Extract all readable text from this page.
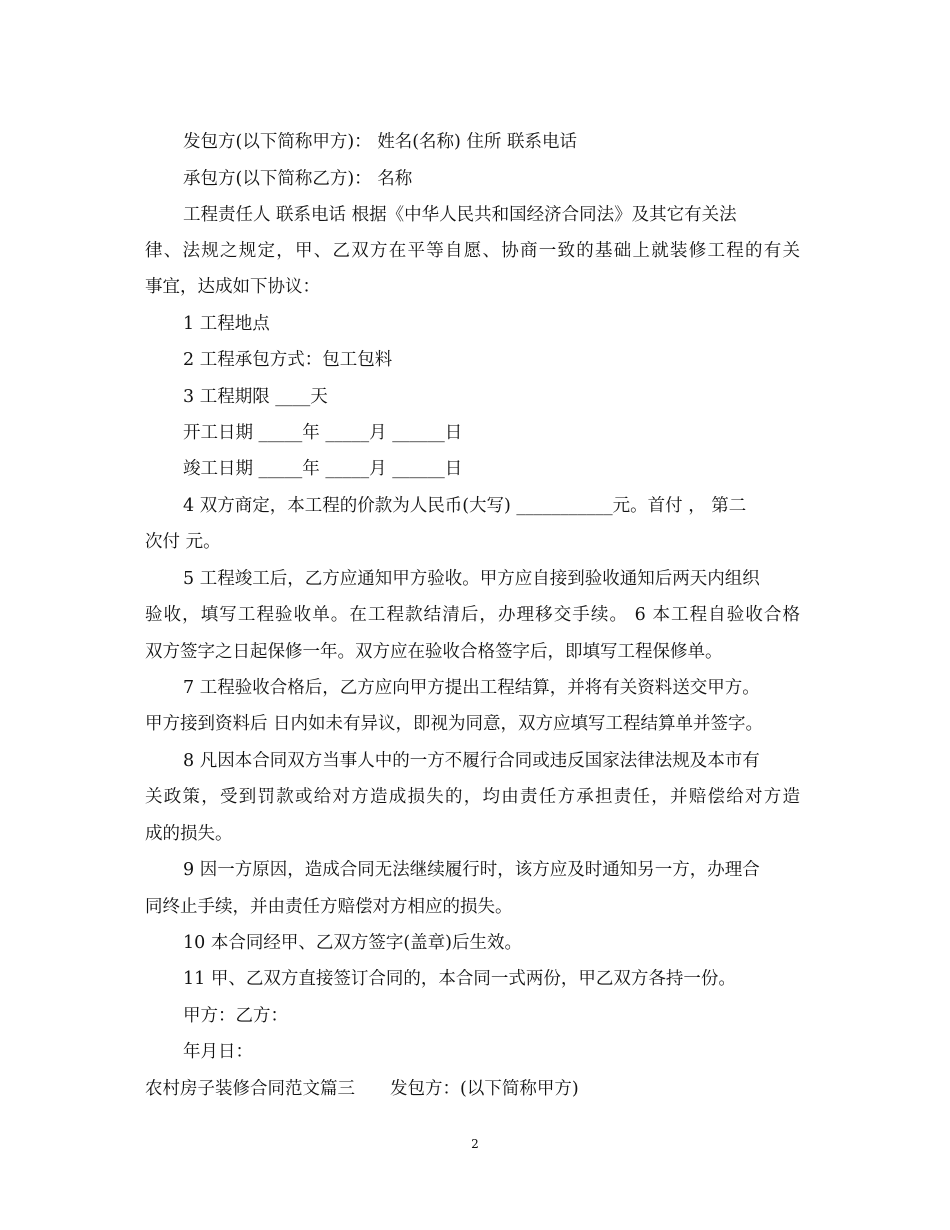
发包方(以下简称甲方)： 姓名(名称) 住所 联系电话

承包方(以下简称乙方)： 名称

工程责任人 联系电话 根据《中华人民共和国经济合同法》及其它有关法

律、法规之规定，甲、乙双方在平等自愿、协商一致的基础上就装修工程的有关

事宜，达成如下协议：

1 工程地点

2 工程承包方式：包工包料

3 工程期限 ____天

开工日期 _____年 _____月 ______日

竣工日期 _____年 _____月 ______日

4 双方商定，本工程的价款为人民币(大写) ___________元。首付 ， 第二

次付 元。

5 工程竣工后，乙方应通知甲方验收。甲方应自接到验收通知后两天内组织

验收，填写工程验收单。在工程款结清后，办理移交手续。 6 本工程自验收合格

双方签字之日起保修一年。双方应在验收合格签字后，即填写工程保修单。

7 工程验收合格后，乙方应向甲方提出工程结算，并将有关资料送交甲方。

甲方接到资料后 日内如未有异议，即视为同意，双方应填写工程结算单并签字。

8 凡因本合同双方当事人中的一方不履行合同或违反国家法律法规及本市有

关政策，受到罚款或给对方造成损失的，均由责任方承担责任，并赔偿给对方造

成的损失。

9 因一方原因，造成合同无法继续履行时，该方应及时通知另一方，办理合

同终止手续，并由责任方赔偿对方相应的损失。

10 本合同经甲、乙双方签字(盖章)后生效。

11 甲、乙双方直接签订合同的，本合同一式两份，甲乙双方各持一份。

甲方：乙方：

年月日：

农村房子装修合同范文篇三　　发包方：(以下简称甲方)

2
